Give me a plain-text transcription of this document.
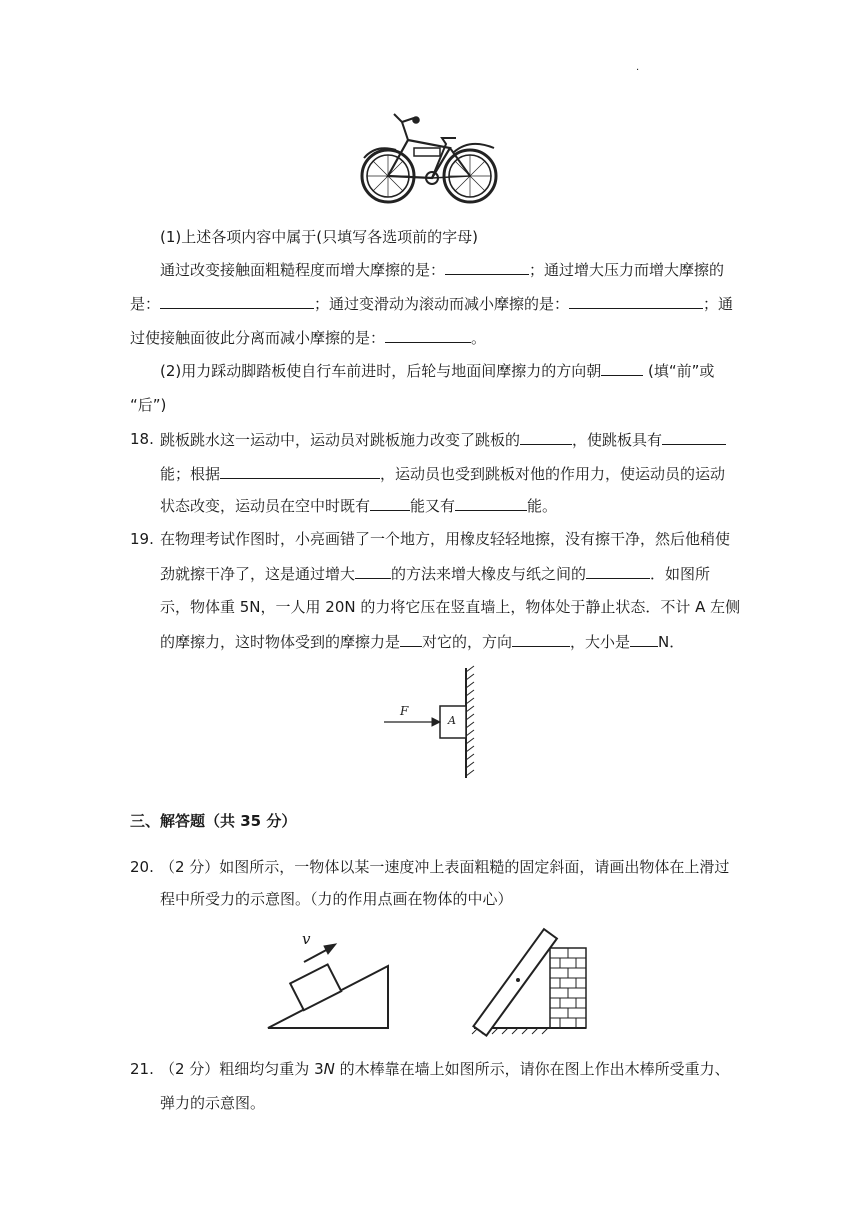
.
(1)上述各项内容中属于(只填写各选项前的字母)
通过改变接触面粗糙程度而增大摩擦的是：	；通过增大压力而增大摩擦的
是：	；通过变滑动为滚动而减小摩擦的是：	；通
过使接触面彼此分离而减小摩擦的是：	。
(2)用力踩动脚踏板使自行车前进时，后轮与地面间摩擦力的方向朝	(填“前”或
“后”)
18. 跳板跳水这一运动中，运动员对跳板施力改变了跳板的	，使跳板具有
能；根据	，运动员也受到跳板对他的作用力，使运动员的运动
状态改变，运动员在空中时既有	能又有	能。
19. 在物理考试作图时，小亮画错了一个地方，用橡皮轻轻地擦，没有擦干净，然后他稍使
劲就擦干净了，这是通过增大 的方法来增大橡皮与纸之间的	．如图所
示，物体重 5N，一人用 20N 的力将它压在竖直墙上，物体处于静止状态．不计 A 左侧
的摩擦力，这时物体受到的摩擦力是 对它的，方向	，大小是 N．
F
A
三、解答题（共 35 分）
20. （2 分）如图所示，一物体以某一速度冲上表面粗糙的固定斜面，请画出物体在上滑过
程中所受力的示意图。（力的作用点画在物体的中心）
v
21. （2 分）粗细均匀重为 3N 的木棒靠在墙上如图所示，请你在图上作出木棒所受重力、
弹力的示意图。
